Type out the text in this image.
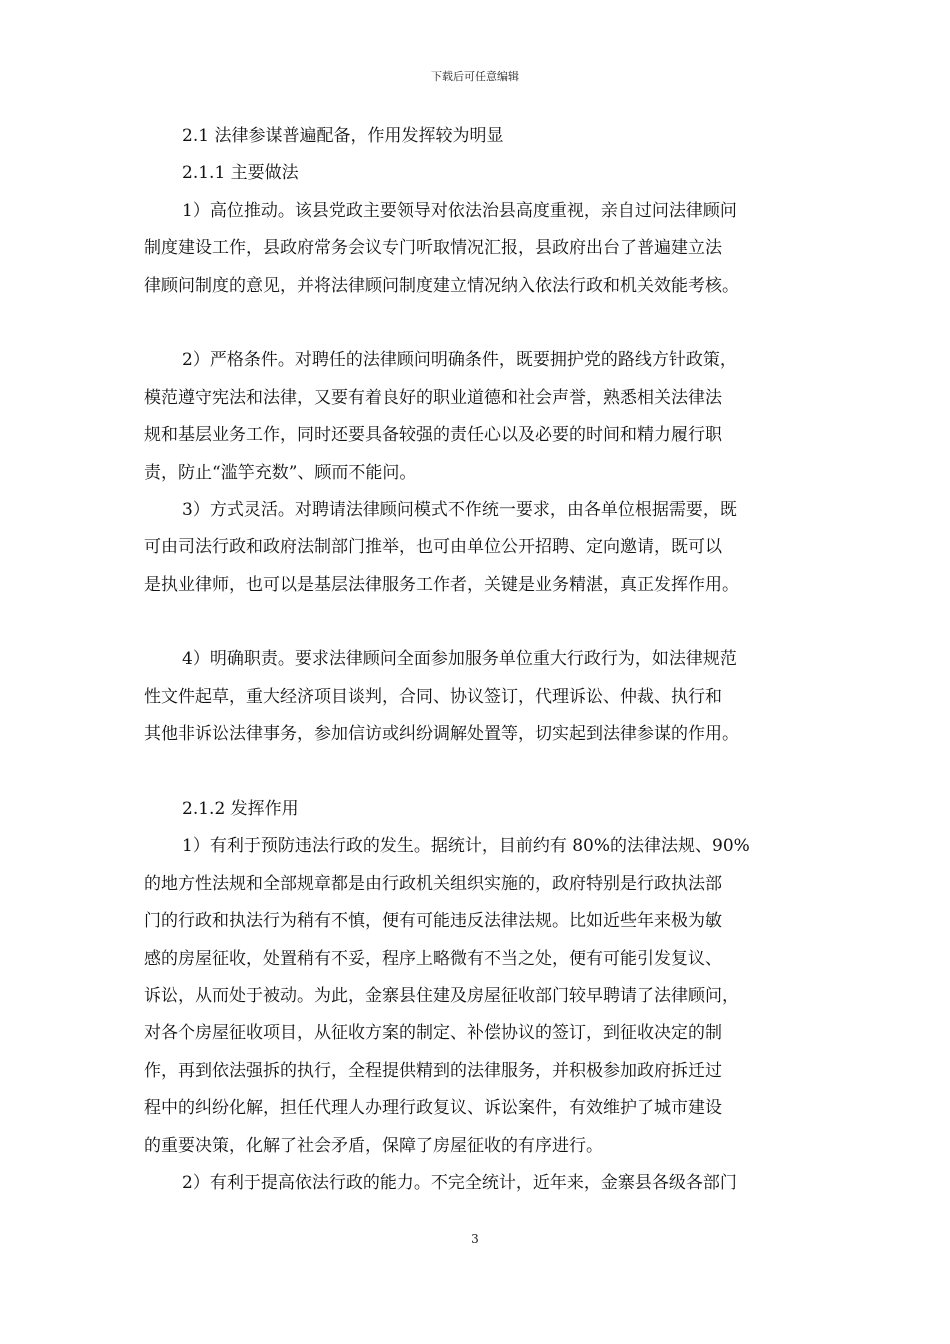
下载后可任意编辑
2.1 法律参谋普遍配备，作用发挥较为明显
2.1.1 主要做法
1）高位推动。该县党政主要领导对依法治县高度重视，亲自过问法律顾问
制度建设工作，县政府常务会议专门听取情况汇报，县政府出台了普遍建立法
律顾问制度的意见，并将法律顾问制度建立情况纳入依法行政和机关效能考核。
2）严格条件。对聘任的法律顾问明确条件，既要拥护党的路线方针政策，
模范遵守宪法和法律，又要有着良好的职业道德和社会声誉，熟悉相关法律法
规和基层业务工作，同时还要具备较强的责任心以及必要的时间和精力履行职
责，防止“滥竽充数”、顾而不能问。
3）方式灵活。对聘请法律顾问模式不作统一要求，由各单位根据需要，既
可由司法行政和政府法制部门推举，也可由单位公开招聘、定向邀请，既可以
是执业律师，也可以是基层法律服务工作者，关键是业务精湛，真正发挥作用。
4）明确职责。要求法律顾问全面参加服务单位重大行政行为，如法律规范
性文件起草，重大经济项目谈判，合同、协议签订，代理诉讼、仲裁、执行和
其他非诉讼法律事务，参加信访或纠纷调解处置等，切实起到法律参谋的作用。
2.1.2 发挥作用
1）有利于预防违法行政的发生。据统计，目前约有 80%的法律法规、90%
的地方性法规和全部规章都是由行政机关组织实施的，政府特别是行政执法部
门的行政和执法行为稍有不慎，便有可能违反法律法规。比如近些年来极为敏
感的房屋征收，处置稍有不妥，程序上略微有不当之处，便有可能引发复议、
诉讼，从而处于被动。为此，金寨县住建及房屋征收部门较早聘请了法律顾问，
对各个房屋征收项目，从征收方案的制定、补偿协议的签订，到征收决定的制
作，再到依法强拆的执行，全程提供精到的法律服务，并积极参加政府拆迁过
程中的纠纷化解，担任代理人办理行政复议、诉讼案件，有效维护了城市建设
的重要决策，化解了社会矛盾，保障了房屋征收的有序进行。
2）有利于提高依法行政的能力。不完全统计，近年来，金寨县各级各部门
3
